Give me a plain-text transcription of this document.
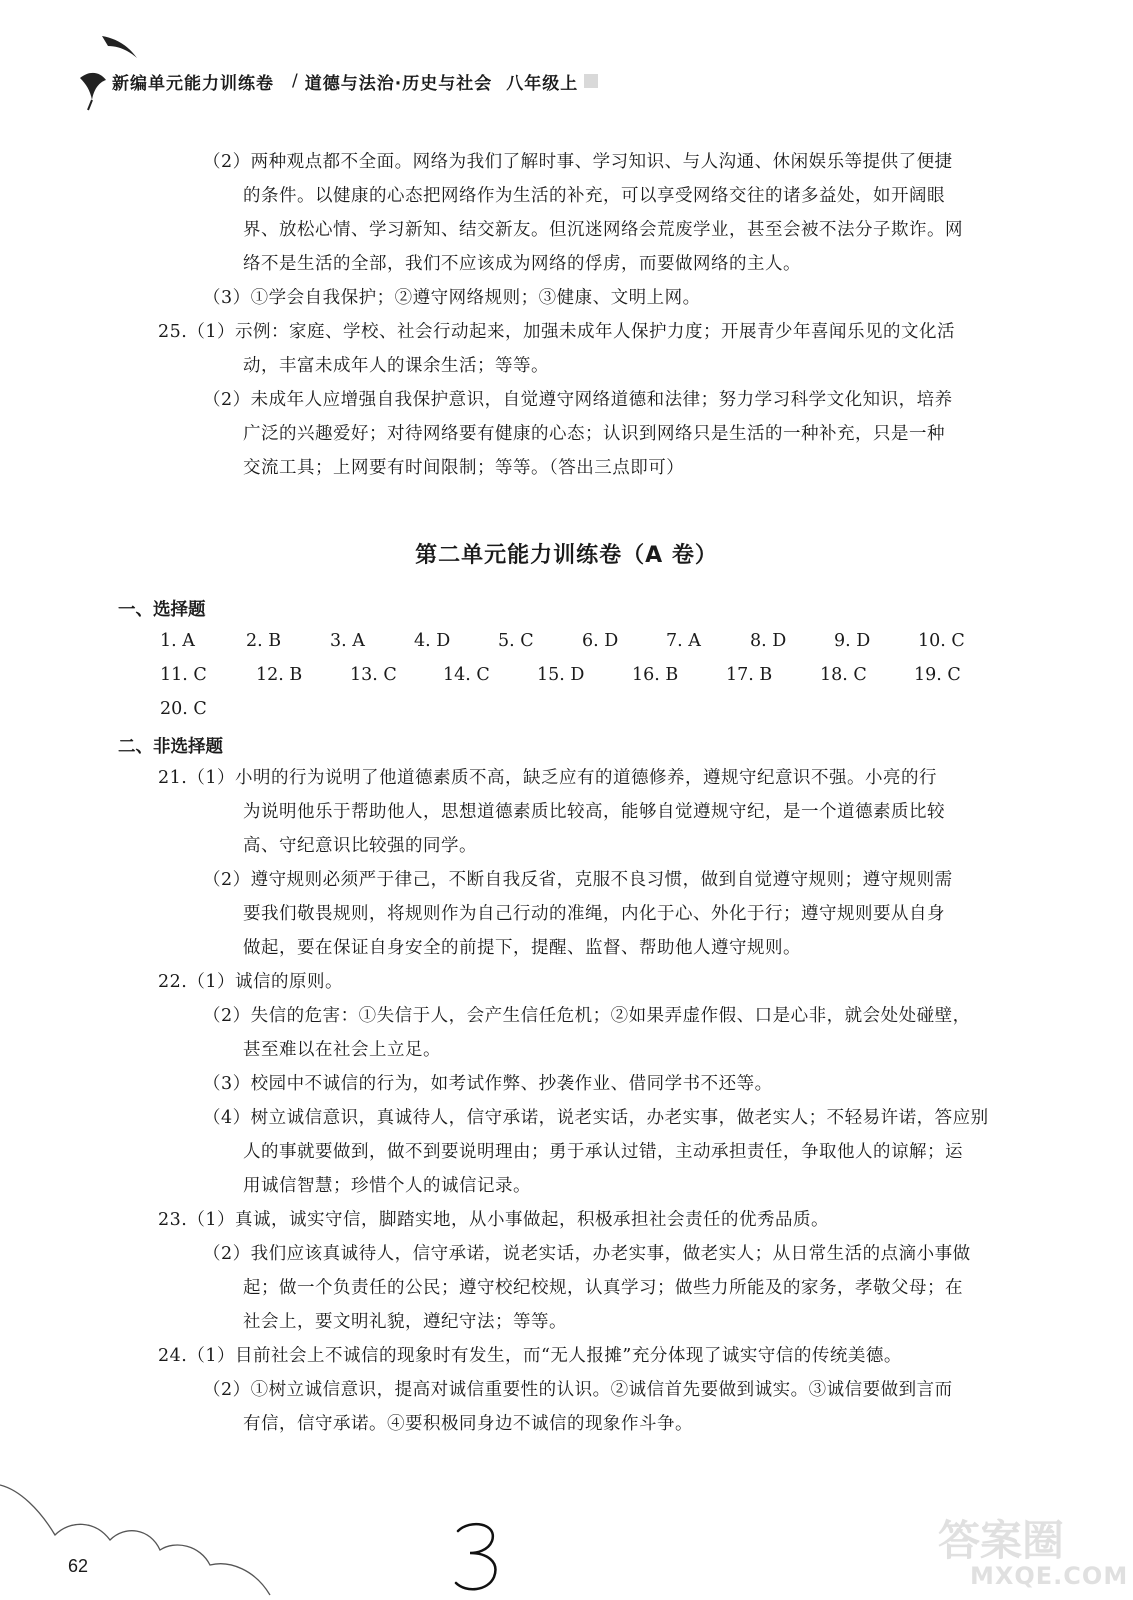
新编单元能力训练卷 / 道德与法治·历史与社会 八年级上
（2）两种观点都不全面。网络为我们了解时事、学习知识、与人沟通、休闲娱乐等提供了便捷
的条件。以健康的心态把网络作为生活的补充，可以享受网络交往的诸多益处，如开阔眼
界、放松心情、学习新知、结交新友。但沉迷网络会荒废学业，甚至会被不法分子欺诈。网
络不是生活的全部，我们不应该成为网络的俘虏，而要做网络的主人。
（3）①学会自我保护；②遵守网络规则；③健康、文明上网。
25.（1）示例：家庭、学校、社会行动起来，加强未成年人保护力度；开展青少年喜闻乐见的文化活
动，丰富未成年人的课余生活；等等。
（2）未成年人应增强自我保护意识，自觉遵守网络道德和法律；努力学习科学文化知识，培养
广泛的兴趣爱好；对待网络要有健康的心态；认识到网络只是生活的一种补充，只是一种
交流工具；上网要有时间限制；等等。（答出三点即可）
第二单元能力训练卷（A 卷）
一、选择题
1. A	2. B	3. A	4. D	5. C	6. D	7. A	8. D	9. D	10. C
11. C	12. B	13. C	14. C	15. D	16. B	17. B	18. C	19. C
20. C
二、非选择题
21.（1）小明的行为说明了他道德素质不高，缺乏应有的道德修养，遵规守纪意识不强。小亮的行
为说明他乐于帮助他人，思想道德素质比较高，能够自觉遵规守纪，是一个道德素质比较
高、守纪意识比较强的同学。
（2）遵守规则必须严于律己，不断自我反省，克服不良习惯，做到自觉遵守规则；遵守规则需
要我们敬畏规则，将规则作为自己行动的准绳，内化于心、外化于行；遵守规则要从自身
做起，要在保证自身安全的前提下，提醒、监督、帮助他人遵守规则。
22.（1）诚信的原则。
（2）失信的危害：①失信于人，会产生信任危机；②如果弄虚作假、口是心非，就会处处碰壁，
甚至难以在社会上立足。
（3）校园中不诚信的行为，如考试作弊、抄袭作业、借同学书不还等。
（4）树立诚信意识，真诚待人，信守承诺，说老实话，办老实事，做老实人；不轻易许诺，答应别
人的事就要做到，做不到要说明理由；勇于承认过错，主动承担责任，争取他人的谅解；运
用诚信智慧；珍惜个人的诚信记录。
23.（1）真诚，诚实守信，脚踏实地，从小事做起，积极承担社会责任的优秀品质。
（2）我们应该真诚待人，信守承诺，说老实话，办老实事，做老实人；从日常生活的点滴小事做
起；做一个负责任的公民；遵守校纪校规，认真学习；做些力所能及的家务，孝敬父母；在
社会上，要文明礼貌，遵纪守法；等等。
24.（1）目前社会上不诚信的现象时有发生，而“无人报摊”充分体现了诚实守信的传统美德。
（2）①树立诚信意识，提高对诚信重要性的认识。②诚信首先要做到诚实。③诚信要做到言而
有信，信守承诺。④要积极同身边不诚信的现象作斗争。
62
答案圈
MXQE.COM
